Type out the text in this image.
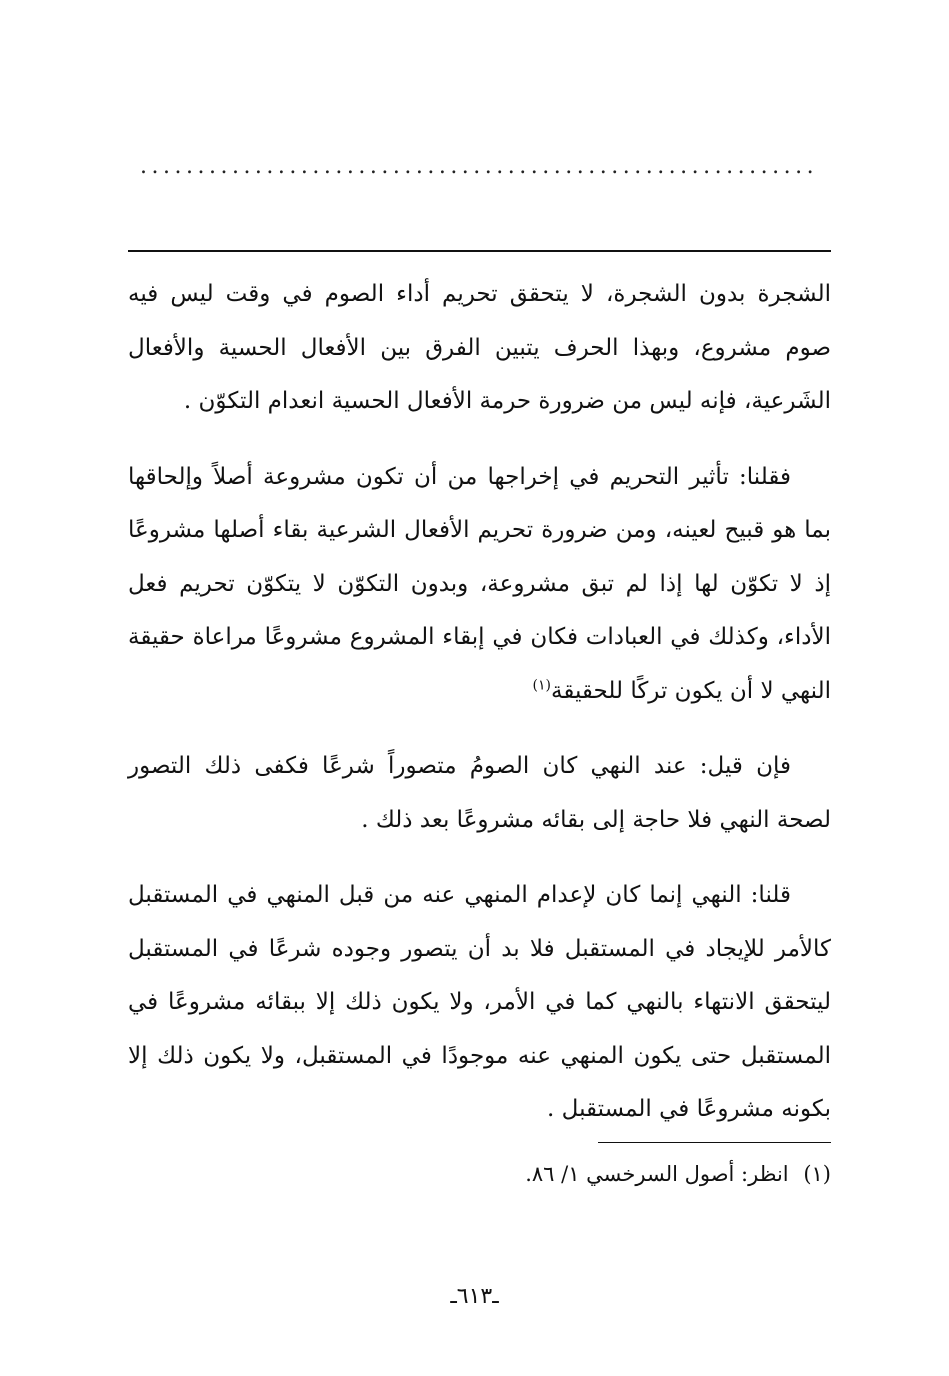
...........................................................

الشجرة بدون الشجرة، لا يتحقق تحريم أداء الصوم في وقت ليس فيه صوم مشروع، وبهذا الحرف يتبين الفرق بين الأفعال الحسية والأفعال الشَرعية، فإنه ليس من ضرورة حرمة الأفعال الحسية انعدام التكوّن .

فقلنا: تأثير التحريم في إخراجها من أن تكون مشروعة أصلاً وإلحاقها بما هو قبيح لعينه، ومن ضرورة تحريم الأفعال الشرعية بقاء أصلها مشروعًا إذ لا تكوّن لها إذا لم تبق مشروعة، وبدون التكوّن لا يتكوّن تحريم فعل الأداء، وكذلك في العبادات فكان في إبقاء المشروع مشروعًا مراعاة حقيقة النهي لا أن يكون تركًا للحقيقة$^{(١)}$

فإن قيل: عند النهي كان الصومُ متصوراً شرعًا فكفى ذلك التصور لصحة النهي فلا حاجة إلى بقائه مشروعًا بعد ذلك .

قلنا: النهي إنما كان لإعدام المنهي عنه من قبل المنهي في المستقبل كالأمر للإيجاد في المستقبل فلا بد أن يتصور وجوده شرعًا في المستقبل ليتحقق الانتهاء بالنهي كما في الأمر، ولا يكون ذلك إلا ببقائه مشروعًا في المستقبل حتى يكون المنهي عنه موجودًا في المستقبل، ولا يكون ذلك إلا بكونه مشروعًا في المستقبل .

(١) انظر: أصول السرخسي ١/ ٨٦.
ـ٦١٣ـ
